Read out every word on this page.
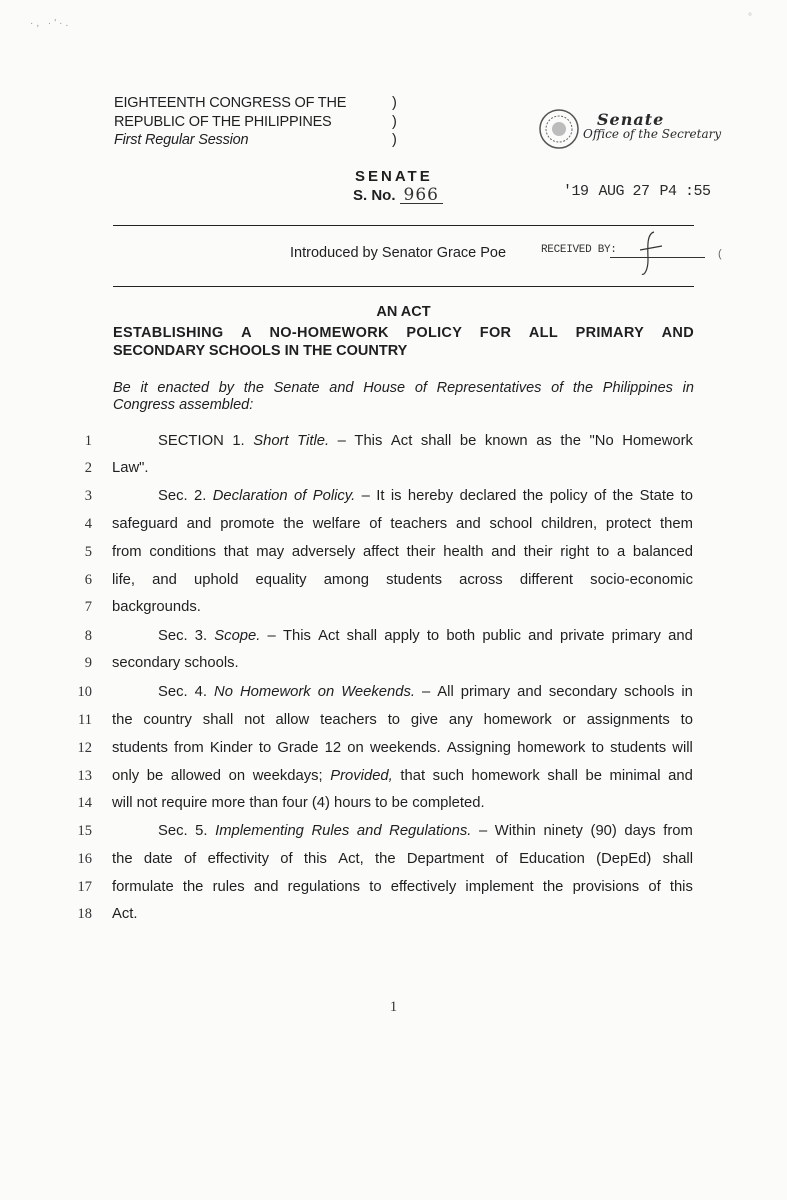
·, ·'·.
°
EIGHTEENTH CONGRESS OF THE
REPUBLIC OF THE PHILIPPINES
First Regular Session
)
)
)
Senate
Office of the Secretary
SENATE
S. No. 966	'19 AUG 27 P4 :55
Introduced by Senator Grace Poe	RECEIVED BY:	(
AN ACT
ESTABLISHING A NO-HOMEWORK POLICY FOR ALL PRIMARY AND
SECONDARY SCHOOLS IN THE COUNTRY
Be it enacted by the Senate and House of Representatives of the Philippines in
Congress assembled:
1	SECTION 1. Short Title. – This Act shall be known as the "No Homework
2 Law".
3	Sec. 2. Declaration of Policy. – It is hereby declared the policy of the State to
4 safeguard and promote the welfare of teachers and school children, protect them
5 from conditions that may adversely affect their health and their right to a balanced
6 life, and uphold equality among students across different socio-economic
7 backgrounds.
8	Sec. 3. Scope. – This Act shall apply to both public and private primary and
9 secondary schools.
10	Sec. 4. No Homework on Weekends. – All primary and secondary schools in
11 the country shall not allow teachers to give any homework or assignments to
12 students from Kinder to Grade 12 on weekends. Assigning homework to students will
13 only be allowed on weekdays; Provided, that such homework shall be minimal and
14 will not require more than four (4) hours to be completed.
15	Sec. 5. Implementing Rules and Regulations. – Within ninety (90) days from
16 the date of effectivity of this Act, the Department of Education (DepEd) shall
17 formulate the rules and regulations to effectively implement the provisions of this
18 Act.
1
